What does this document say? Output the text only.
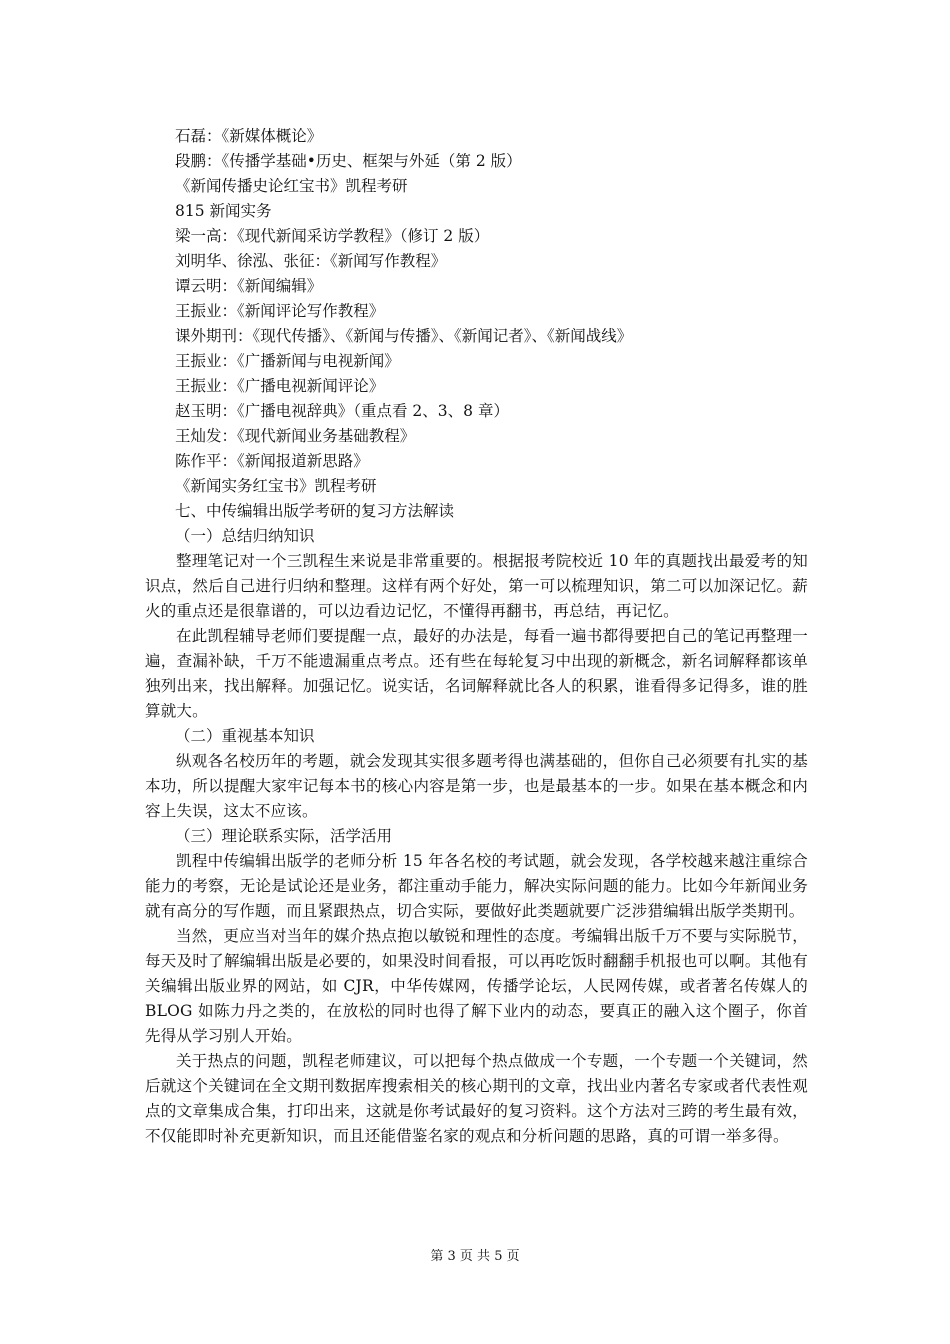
石磊：《新媒体概论》
段鹏：《传播学基础•历史、框架与外延（第 2 版）
《新闻传播史论红宝书》凯程考研
815 新闻实务
梁一高：《现代新闻采访学教程》（修订 2 版）
刘明华、徐泓、张征：《新闻写作教程》
谭云明：《新闻编辑》
王振业：《新闻评论写作教程》
课外期刊：《现代传播》、《新闻与传播》、《新闻记者》、《新闻战线》
王振业：《广播新闻与电视新闻》
王振业：《广播电视新闻评论》
赵玉明：《广播电视辞典》（重点看 2、3、8 章）
王灿发：《现代新闻业务基础教程》
陈作平：《新闻报道新思路》
《新闻实务红宝书》凯程考研
七、中传编辑出版学考研的复习方法解读
（一）总结归纳知识
整理笔记对一个三凯程生来说是非常重要的。根据报考院校近 10 年的真题找出最爱考的知识点，然后自己进行归纳和整理。这样有两个好处，第一可以梳理知识，第二可以加深记忆。薪火的重点还是很靠谱的，可以边看边记忆，不懂得再翻书，再总结，再记忆。
在此凯程辅导老师们要提醒一点，最好的办法是，每看一遍书都得要把自己的笔记再整理一遍，查漏补缺，千万不能遗漏重点考点。还有些在每轮复习中出现的新概念，新名词解释都该单独列出来，找出解释。加强记忆。说实话，名词解释就比各人的积累，谁看得多记得多，谁的胜算就大。
（二）重视基本知识
纵观各名校历年的考题，就会发现其实很多题考得也满基础的，但你自己必须要有扎实的基本功，所以提醒大家牢记每本书的核心内容是第一步，也是最基本的一步。如果在基本概念和内容上失误，这太不应该。
（三）理论联系实际，活学活用
凯程中传编辑出版学的老师分析 15 年各名校的考试题，就会发现，各学校越来越注重综合能力的考察，无论是试论还是业务，都注重动手能力，解决实际问题的能力。比如今年新闻业务就有高分的写作题，而且紧跟热点，切合实际，要做好此类题就要广泛涉猎编辑出版学类期刊。
当然，更应当对当年的媒介热点抱以敏锐和理性的态度。考编辑出版千万不要与实际脱节，每天及时了解编辑出版是必要的，如果没时间看报，可以再吃饭时翻翻手机报也可以啊。其他有关编辑出版业界的网站，如 CJR，中华传媒网，传播学论坛，人民网传媒，或者著名传媒人的 BLOG 如陈力丹之类的，在放松的同时也得了解下业内的动态，要真正的融入这个圈子，你首先得从学习别人开始。
关于热点的问题，凯程老师建议，可以把每个热点做成一个专题，一个专题一个关键词，然后就这个关键词在全文期刊数据库搜索相关的核心期刊的文章，找出业内著名专家或者代表性观点的文章集成合集，打印出来，这就是你考试最好的复习资料。这个方法对三跨的考生最有效，不仅能即时补充更新知识，而且还能借鉴名家的观点和分析问题的思路，真的可谓一举多得。
第 3 页 共 5 页
